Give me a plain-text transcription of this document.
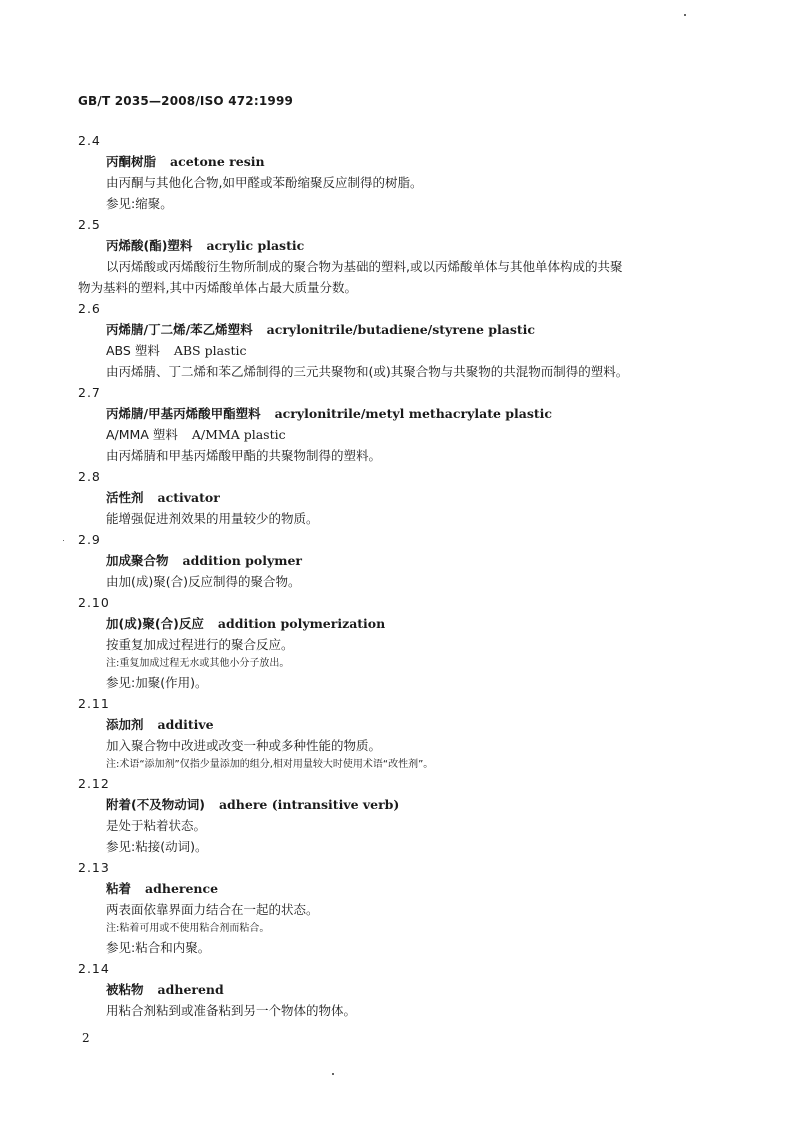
GB/T 2035—2008/ISO 472:1999
2.4
丙酮树脂 acetone resin
由丙酮与其他化合物,如甲醛或苯酚缩聚反应制得的树脂。
参见:缩聚。
2.5
丙烯酸(酯)塑料 acrylic plastic
以丙烯酸或丙烯酸衍生物所制成的聚合物为基础的塑料,或以丙烯酸单体与其他单体构成的共聚
物为基料的塑料,其中丙烯酸单体占最大质量分数。
2.6
丙烯腈/丁二烯/苯乙烯塑料 acrylonitrile/butadiene/styrene plastic
ABS 塑料 ABS plastic
由丙烯腈、丁二烯和苯乙烯制得的三元共聚物和(或)其聚合物与共聚物的共混物而制得的塑料。
2.7
丙烯腈/甲基丙烯酸甲酯塑料 acrylonitrile/metyl methacrylate plastic
A/MMA 塑料 A/MMA plastic
由丙烯腈和甲基丙烯酸甲酯的共聚物制得的塑料。
2.8
活性剂 activator
能增强促进剂效果的用量较少的物质。
2.9
加成聚合物 addition polymer
由加(成)聚(合)反应制得的聚合物。
2.10
加(成)聚(合)反应 addition polymerization
按重复加成过程进行的聚合反应。
注:重复加成过程无水或其他小分子放出。
参见:加聚(作用)。
2.11
添加剂 additive
加入聚合物中改进或改变一种或多种性能的物质。
注:术语“添加剂”仅指少量添加的组分,相对用量较大时使用术语“改性剂”。
2.12
附着(不及物动词) adhere (intransitive verb)
是处于粘着状态。
参见:粘接(动词)。
2.13
粘着 adherence
两表面依靠界面力结合在一起的状态。
注:粘着可用或不使用粘合剂而粘合。
参见:粘合和内聚。
2.14
被粘物 adherend
用粘合剂粘到或准备粘到另一个物体的物体。
2
